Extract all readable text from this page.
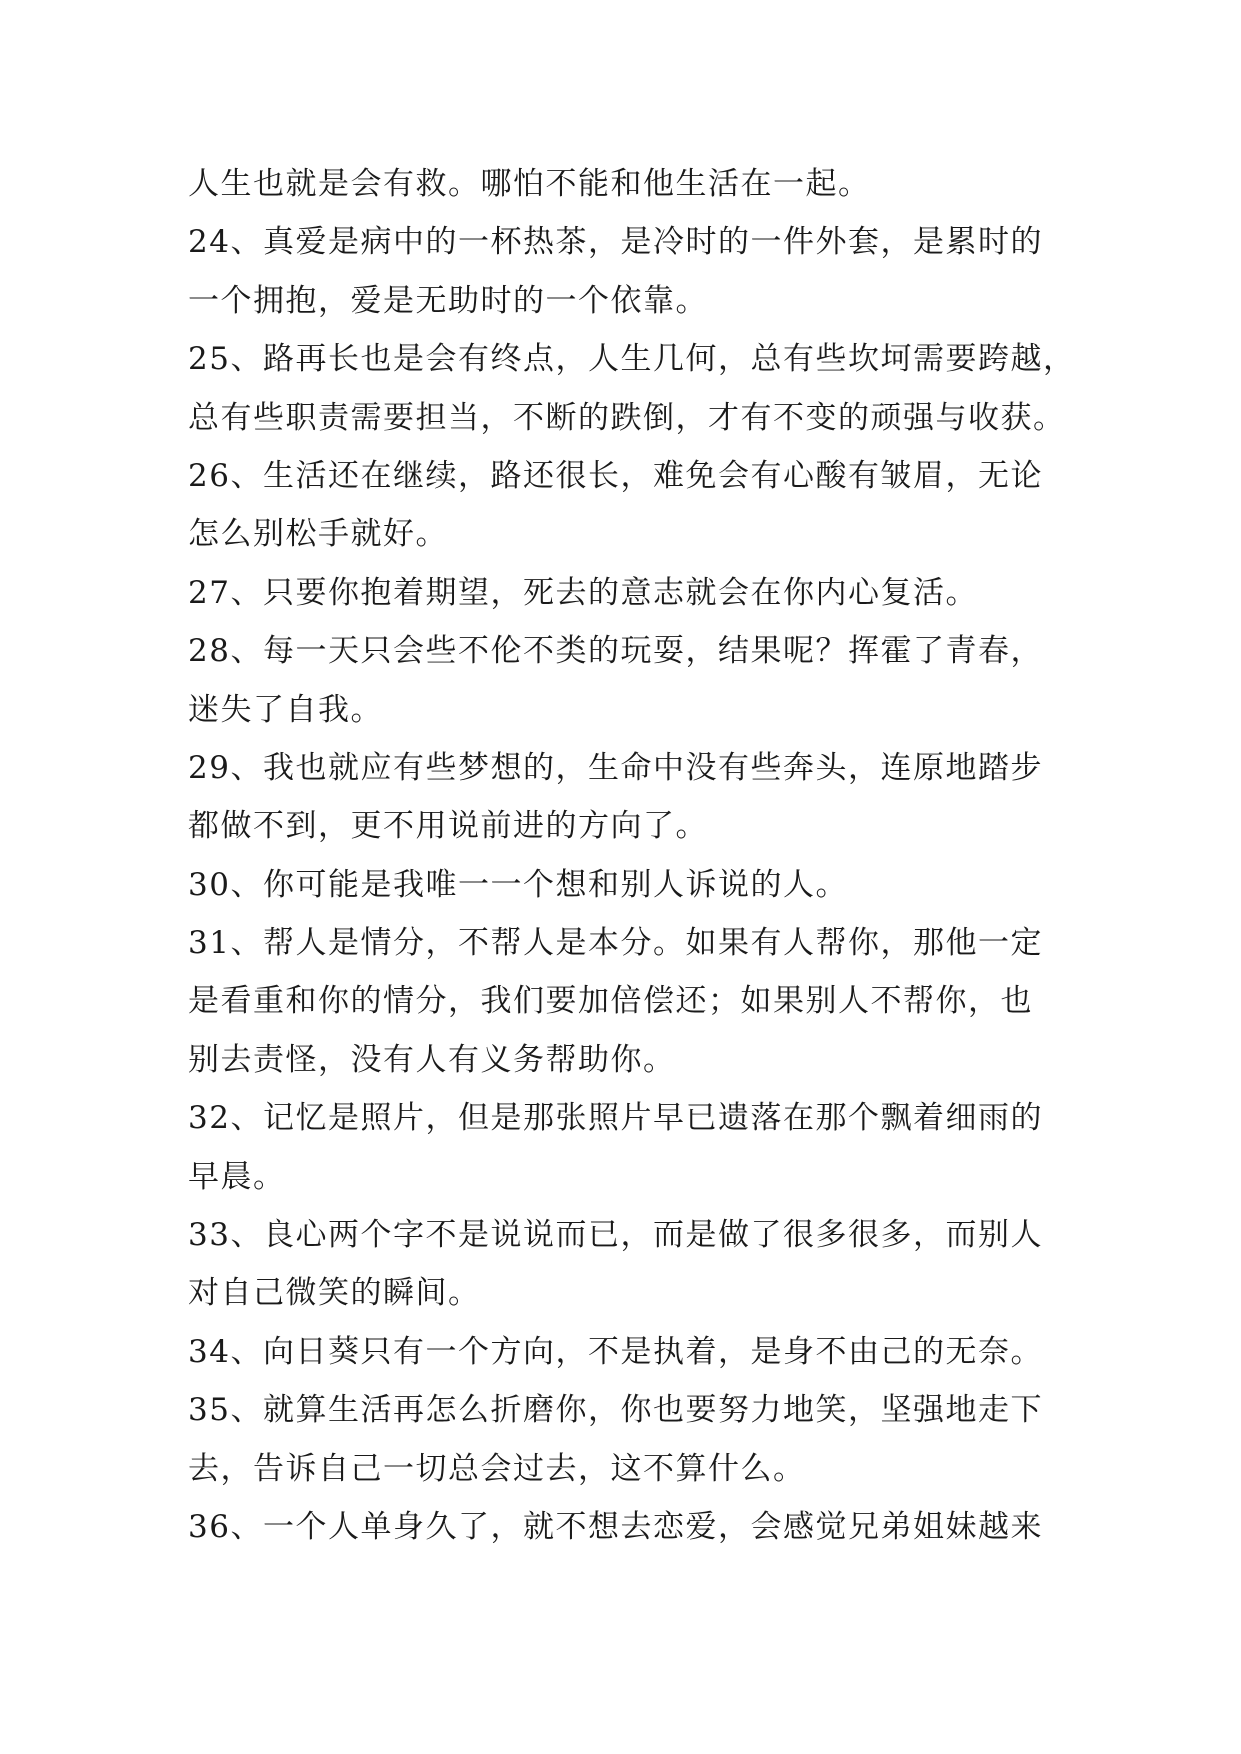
人生也就是会有救。哪怕不能和他生活在一起。
24、真爱是病中的一杯热茶，是冷时的一件外套，是累时的
一个拥抱，爱是无助时的一个依靠。
25、路再长也是会有终点，人生几何，总有些坎坷需要跨越，
总有些职责需要担当，不断的跌倒，才有不变的顽强与收获。
26、生活还在继续，路还很长，难免会有心酸有皱眉，无论
怎么别松手就好。
27、只要你抱着期望，死去的意志就会在你内心复活。
28、每一天只会些不伦不类的玩耍，结果呢？挥霍了青春，
迷失了自我。
29、我也就应有些梦想的，生命中没有些奔头，连原地踏步
都做不到，更不用说前进的方向了。
30、你可能是我唯一一个想和别人诉说的人。
31、帮人是情分，不帮人是本分。如果有人帮你，那他一定
是看重和你的情分，我们要加倍偿还；如果别人不帮你，也
别去责怪，没有人有义务帮助你。
32、记忆是照片，但是那张照片早已遗落在那个飘着细雨的
早晨。
33、良心两个字不是说说而已，而是做了很多很多，而别人
对自己微笑的瞬间。
34、向日葵只有一个方向，不是执着，是身不由己的无奈。
35、就算生活再怎么折磨你，你也要努力地笑，坚强地走下
去，告诉自己一切总会过去，这不算什么。
36、一个人单身久了，就不想去恋爱，会感觉兄弟姐妹越来
